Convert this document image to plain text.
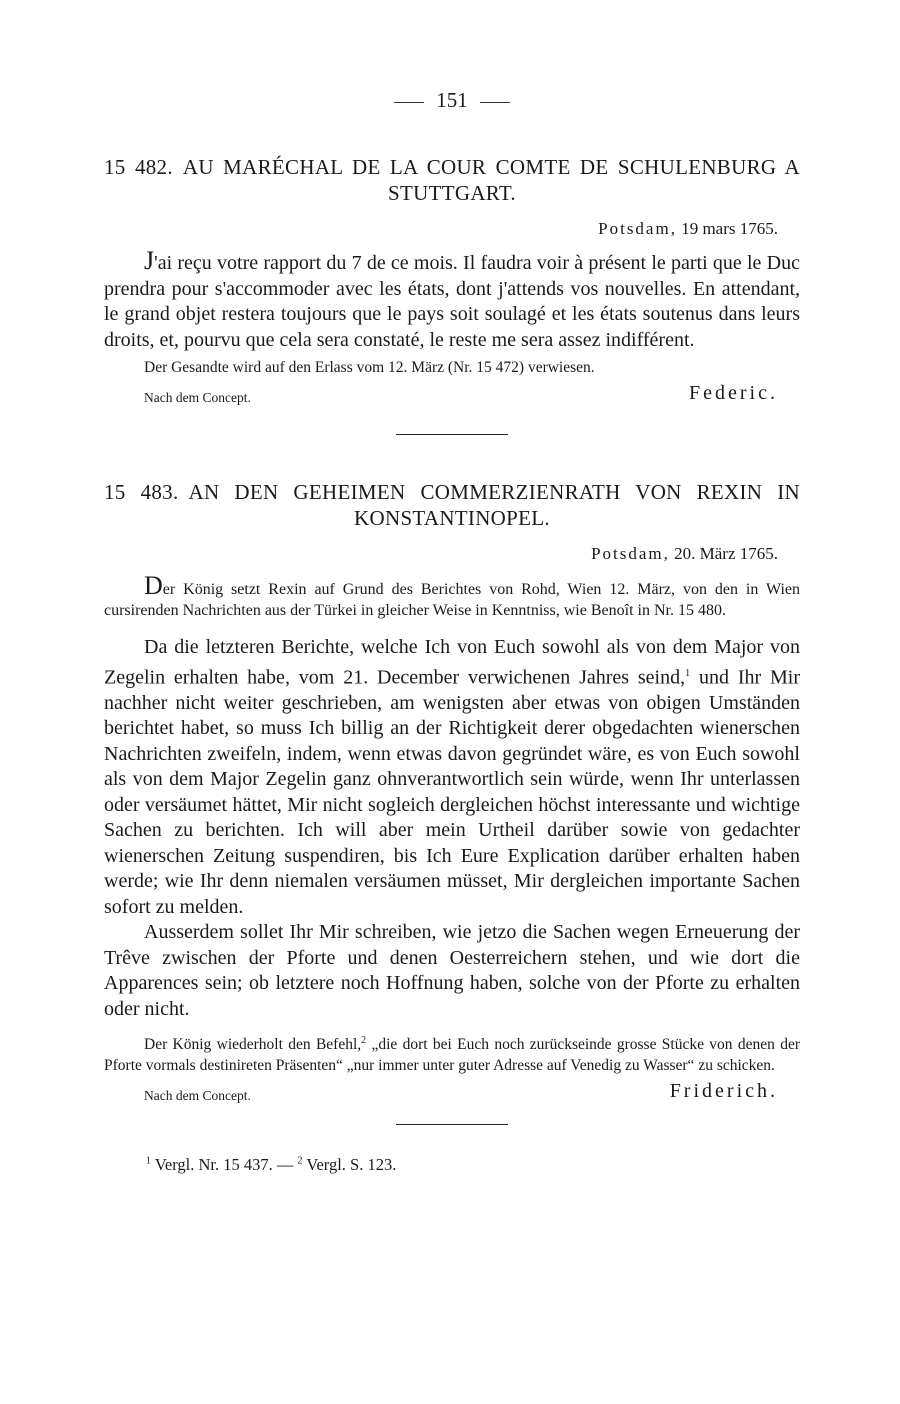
151
15 482. AU MARÉCHAL DE LA COUR COMTE DE SCHULENBURG A STUTTGART.
Potsdam, 19 mars 1765.

J'ai reçu votre rapport du 7 de ce mois. Il faudra voir à présent le parti que le Duc prendra pour s'accommoder avec les états, dont j'attends vos nouvelles. En attendant, le grand objet restera toujours que le pays soit soulagé et les états soutenus dans leurs droits, et, pourvu que cela sera constaté, le reste me sera assez indifférent.

Der Gesandte wird auf den Erlass vom 12. März (Nr. 15 472) verwiesen.

Nach dem Concept.	Federic.
15 483. AN DEN GEHEIMEN COMMERZIENRATH VON REXIN IN KONSTANTINOPEL.
Potsdam, 20. März 1765.

Der König setzt Rexin auf Grund des Berichtes von Rohd, Wien 12. März, von den in Wien cursirenden Nachrichten aus der Türkei in gleicher Weise in Kenntniss, wie Benoît in Nr. 15 480.

Da die letzteren Berichte, welche Ich von Euch sowohl als von dem Major von Zegelin erhalten habe, vom 21. December verwichenen Jahres seind,$^1$ und Ihr Mir nachher nicht weiter geschrieben, am wenigsten aber etwas von obigen Umständen berichtet habet, so muss Ich billig an der Richtigkeit derer obgedachten wienerschen Nachrichten zweifeln, indem, wenn etwas davon gegründet wäre, es von Euch sowohl als von dem Major Zegelin ganz ohnverantwortlich sein würde, wenn Ihr unterlassen oder versäumet hättet, Mir nicht sogleich dergleichen höchst interessante und wichtige Sachen zu berichten. Ich will aber mein Urtheil darüber sowie von gedachter wienerschen Zeitung suspendiren, bis Ich Eure Explication darüber erhalten haben werde; wie Ihr denn niemalen versäumen müsset, Mir dergleichen importante Sachen sofort zu melden.

Ausserdem sollet Ihr Mir schreiben, wie jetzo die Sachen wegen Erneuerung der Trêve zwischen der Pforte und denen Oesterreichern stehen, und wie dort die Apparences sein; ob letztere noch Hoffnung haben, solche von der Pforte zu erhalten oder nicht.

Der König wiederholt den Befehl,$^2$ „die dort bei Euch noch zurückseinde grosse Stücke von denen der Pforte vormals destinireten Präsenten“ „nur immer unter guter Adresse auf Venedig zu Wasser“ zu schicken.

Nach dem Concept.	Friderich.
$^1$ Vergl. Nr. 15 437. — $^2$ Vergl. S. 123.
